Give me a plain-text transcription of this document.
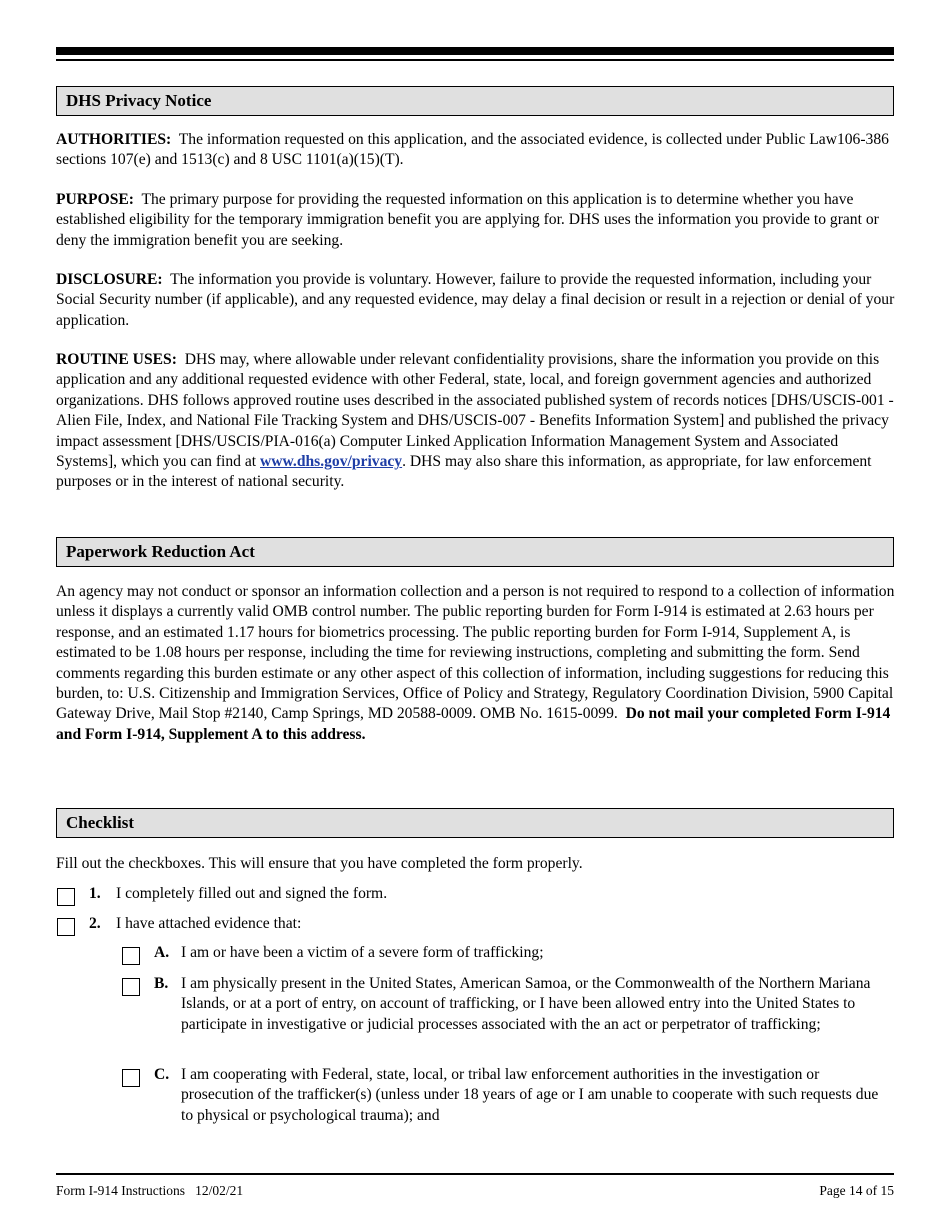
DHS Privacy Notice

AUTHORITIES: The information requested on this application, and the associated evidence, is collected under Public Law106-386 sections 107(e) and 1513(c) and 8 USC 1101(a)(15)(T).

PURPOSE: The primary purpose for providing the requested information on this application is to determine whether you have established eligibility for the temporary immigration benefit you are applying for. DHS uses the information you provide to grant or deny the immigration benefit you are seeking.

DISCLOSURE: The information you provide is voluntary. However, failure to provide the requested information, including your Social Security number (if applicable), and any requested evidence, may delay a final decision or result in a rejection or denial of your application.

ROUTINE USES: DHS may, where allowable under relevant confidentiality provisions, share the information you provide on this application and any additional requested evidence with other Federal, state, local, and foreign government agencies and authorized organizations. DHS follows approved routine uses described in the associated published system of records notices [DHS/USCIS-001 - Alien File, Index, and National File Tracking System and DHS/USCIS-007 - Benefits Information System] and published the privacy impact assessment [DHS/USCIS/PIA-016(a) Computer Linked Application Information Management System and Associated Systems], which you can find at www.dhs.gov/privacy. DHS may also share this information, as appropriate, for law enforcement purposes or in the interest of national security.

Paperwork Reduction Act

An agency may not conduct or sponsor an information collection and a person is not required to respond to a collection of information unless it displays a currently valid OMB control number. The public reporting burden for Form I-914 is estimated at 2.63 hours per response, and an estimated 1.17 hours for biometrics processing. The public reporting burden for Form I-914, Supplement A, is estimated to be 1.08 hours per response, including the time for reviewing instructions, completing and submitting the form. Send comments regarding this burden estimate or any other aspect of this collection of information, including suggestions for reducing this burden, to: U.S. Citizenship and Immigration Services, Office of Policy and Strategy, Regulatory Coordination Division, 5900 Capital Gateway Drive, Mail Stop #2140, Camp Springs, MD 20588-0009. OMB No. 1615-0099. Do not mail your completed Form I-914 and Form I-914, Supplement A to this address.

Checklist

Fill out the checkboxes. This will ensure that you have completed the form properly.

1. I completely filled out and signed the form.
2. I have attached evidence that:
A. I am or have been a victim of a severe form of trafficking;
B. I am physically present in the United States, American Samoa, or the Commonwealth of the Northern Mariana Islands, or at a port of entry, on account of trafficking, or I have been allowed entry into the United States to participate in investigative or judicial processes associated with the an act or perpetrator of trafficking;
C. I am cooperating with Federal, state, local, or tribal law enforcement authorities in the investigation or prosecution of the trafficker(s) (unless under 18 years of age or I am unable to cooperate with such requests due to physical or psychological trauma); and
Form I-914 Instructions   12/02/21	Page 14 of 15
